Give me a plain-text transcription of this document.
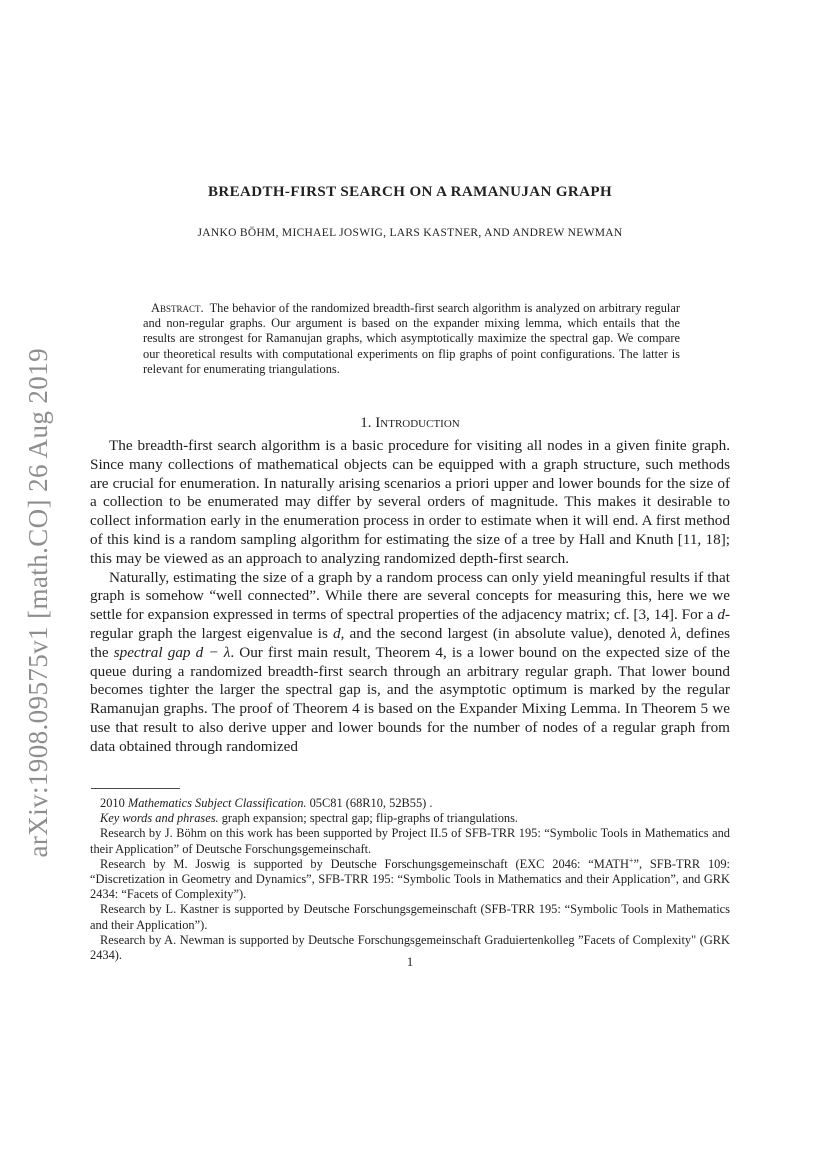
arXiv:1908.09575v1 [math.CO] 26 Aug 2019
BREADTH-FIRST SEARCH ON A RAMANUJAN GRAPH
JANKO BÖHM, MICHAEL JOSWIG, LARS KASTNER, AND ANDREW NEWMAN

Abstract. The behavior of the randomized breadth-first search algorithm is analyzed on arbitrary regular and non-regular graphs. Our argument is based on the expander mixing lemma, which entails that the results are strongest for Ramanujan graphs, which asymptotically maximize the spectral gap. We compare our theoretical results with computational experiments on flip graphs of point configurations. The latter is relevant for enumerating triangulations.

1. Introduction

The breadth-first search algorithm is a basic procedure for visiting all nodes in a given finite graph. Since many collections of mathematical objects can be equipped with a graph structure, such methods are crucial for enumeration. In naturally arising scenarios a priori upper and lower bounds for the size of a collection to be enumerated may differ by several orders of magnitude. This makes it desirable to collect information early in the enumeration process in order to estimate when it will end. A first method of this kind is a random sampling algorithm for estimating the size of a tree by Hall and Knuth [11, 18]; this may be viewed as an approach to analyzing randomized depth-first search.

Naturally, estimating the size of a graph by a random process can only yield meaningful results if that graph is somehow “well connected”. While there are several concepts for measuring this, here we we settle for expansion expressed in terms of spectral properties of the adjacency matrix; cf. [3, 14]. For a d-regular graph the largest eigenvalue is d, and the second largest (in absolute value), denoted λ, defines the spectral gap d − λ. Our first main result, Theorem 4, is a lower bound on the expected size of the queue during a randomized breadth-first search through an arbitrary regular graph. That lower bound becomes tighter the larger the spectral gap is, and the asymptotic optimum is marked by the regular Ramanujan graphs. The proof of Theorem 4 is based on the Expander Mixing Lemma. In Theorem 5 we use that result to also derive upper and lower bounds for the number of nodes of a regular graph from data obtained through randomized

2010 Mathematics Subject Classification. 05C81 (68R10, 52B55) .

Key words and phrases. graph expansion; spectral gap; flip-graphs of triangulations.

Research by J. Böhm on this work has been supported by Project II.5 of SFB-TRR 195: “Symbolic Tools in Mathematics and their Application” of Deutsche Forschungsgemeinschaft.

Research by M. Joswig is supported by Deutsche Forschungsgemeinschaft (EXC 2046: “MATH+”, SFB-TRR 109: “Discretization in Geometry and Dynamics”, SFB-TRR 195: “Symbolic Tools in Mathematics and their Application”, and GRK 2434: “Facets of Complexity”).

Research by L. Kastner is supported by Deutsche Forschungsgemeinschaft (SFB-TRR 195: “Symbolic Tools in Mathematics and their Application”).

Research by A. Newman is supported by Deutsche Forschungsgemeinschaft Graduiertenkolleg ”Facets of Complexity" (GRK 2434).	1
